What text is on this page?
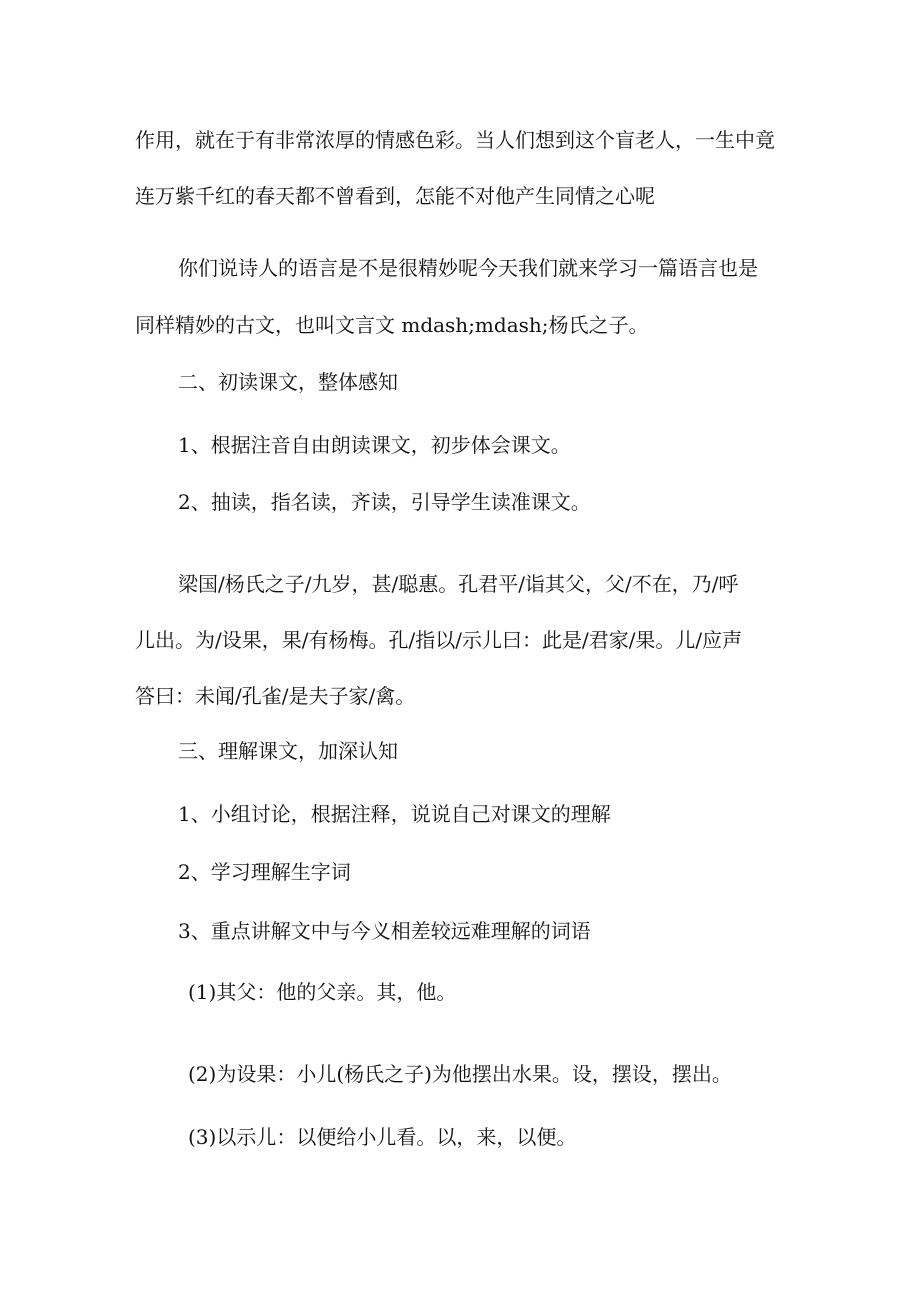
作用，就在于有非常浓厚的情感色彩。当人们想到这个盲老人，一生中竟

连万紫千红的春天都不曾看到，怎能不对他产生同情之心呢

你们说诗人的语言是不是很精妙呢今天我们就来学习一篇语言也是

同样精妙的古文，也叫文言文 mdash;mdash;杨氏之子。

二、初读课文，整体感知

1、根据注音自由朗读课文，初步体会课文。

2、抽读，指名读，齐读，引导学生读准课文。

梁国/杨氏之子/九岁，甚/聪惠。孔君平/诣其父，父/不在，乃/呼

儿出。为/设果，果/有杨梅。孔/指以/示儿曰：此是/君家/果。儿/应声

答曰：未闻/孔雀/是夫子家/禽。

三、理解课文，加深认知

1、小组讨论，根据注释，说说自己对课文的理解

2、学习理解生字词

3、重点讲解文中与今义相差较远难理解的词语

(1)其父：他的父亲。其，他。

(2)为设果：小儿(杨氏之子)为他摆出水果。设，摆设，摆出。

(3)以示儿：以便给小儿看。以，来，以便。
